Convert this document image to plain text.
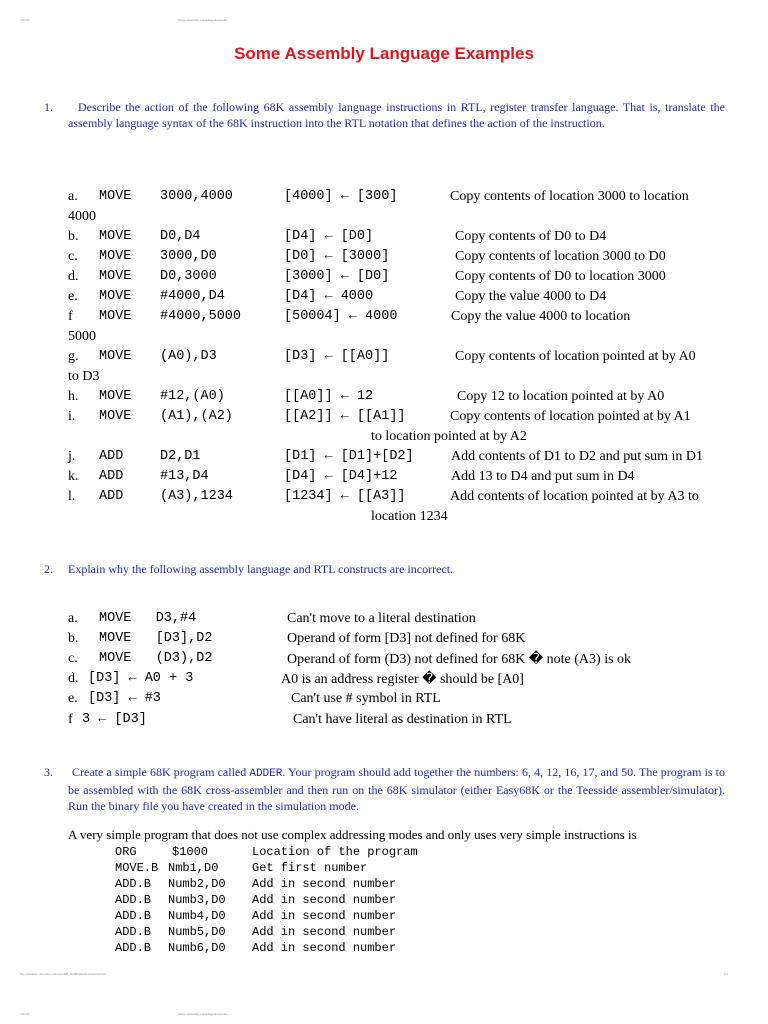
7/21/11	Some Assembly Language Examples
Some Assembly Language Examples
1.	Describe the action of the following 68K assembly language instructions in RTL, register transfer language. That is, translate the assembly language syntax of the 68K instruction into the RTL notation that defines the action of the instruction.
a. MOVE 3000,4000	[4000] ← [300]	Copy contents of location 3000 to location
4000
b. MOVE D0,D4	[D4] ← [D0]	Copy contents of D0 to D4
c. MOVE 3000,D0	[D0] ← [3000]	Copy contents of location 3000 to D0
d. MOVE D0,3000	[3000] ← [D0]	Copy contents of D0 to location 3000
e. MOVE #4000,D4	[D4] ← 4000	Copy the value 4000 to D4
f MOVE #4000,5000	[50004] ← 4000	Copy the value 4000 to location
5000
g. MOVE (A0),D3	[D3] ← [[A0]]	Copy contents of location pointed at by A0
to D3
h. MOVE #12,(A0)	[[A0]] ← 12	Copy 12 to location pointed at by A0
i. MOVE (A1),(A2)	[[A2]] ← [[A1]]	Copy contents of location pointed at by A1
to location pointed at by A2
j. ADD	D2,D1	[D1] ← [D1]+[D2]	Add contents of D1 to D2 and put sum in D1
k. ADD	#13,D4	[D4] ← [D4]+12	Add 13 to D4 and put sum in D4
l. ADD	(A3),1234	[1234] ← [[A3]]	Add contents of location pointed at by A3 to
location 1234
2. Explain why the following assembly language and RTL constructs are incorrect.
a. MOVE   D3,#4	Can't move to a literal destination
b. MOVE   [D3],D2	Operand of form [D3] not defined for 68K
c. MOVE   (D3),D2	Operand of form (D3) not defined for 68K � note (A3) is ok
d. [D3] ← A0 + 3	A0 is an address register � should be [A0]
e. [D3] ← #3	Can't use # symbol in RTL
f 3 ← [D3]	Can't have literal as destination in RTL
3.	Create a simple 68K program called ADDER. Your program should add together the numbers: 6, 4, 12, 16, 17, and 50. The program is to be assembled with the 68K cross-assembler and then run on the 68K simulator (either Easy68K or the Teesside assembler/simulator). Run the binary file you have created in the simulation mode.
A very simple program that does not use complex addressing modes and only uses very simple instructions is
ORG	$1000	Location of the program
MOVE.B Nmb1,D0	Get first number
ADD.B Numb2,D0 Add in second number
ADD.B Numb3,D0 Add in second number
ADD.B Numb4,D0 Add in second number
ADD.B Numb5,D0 Add in second number
ADD.B Numb6,D0 Add in second number
http://www.ee.nmt.edu/~rison/ee308_spr98/notes/Lecture13.html	1/1
7/21/11	Some Assembly Language Examples
